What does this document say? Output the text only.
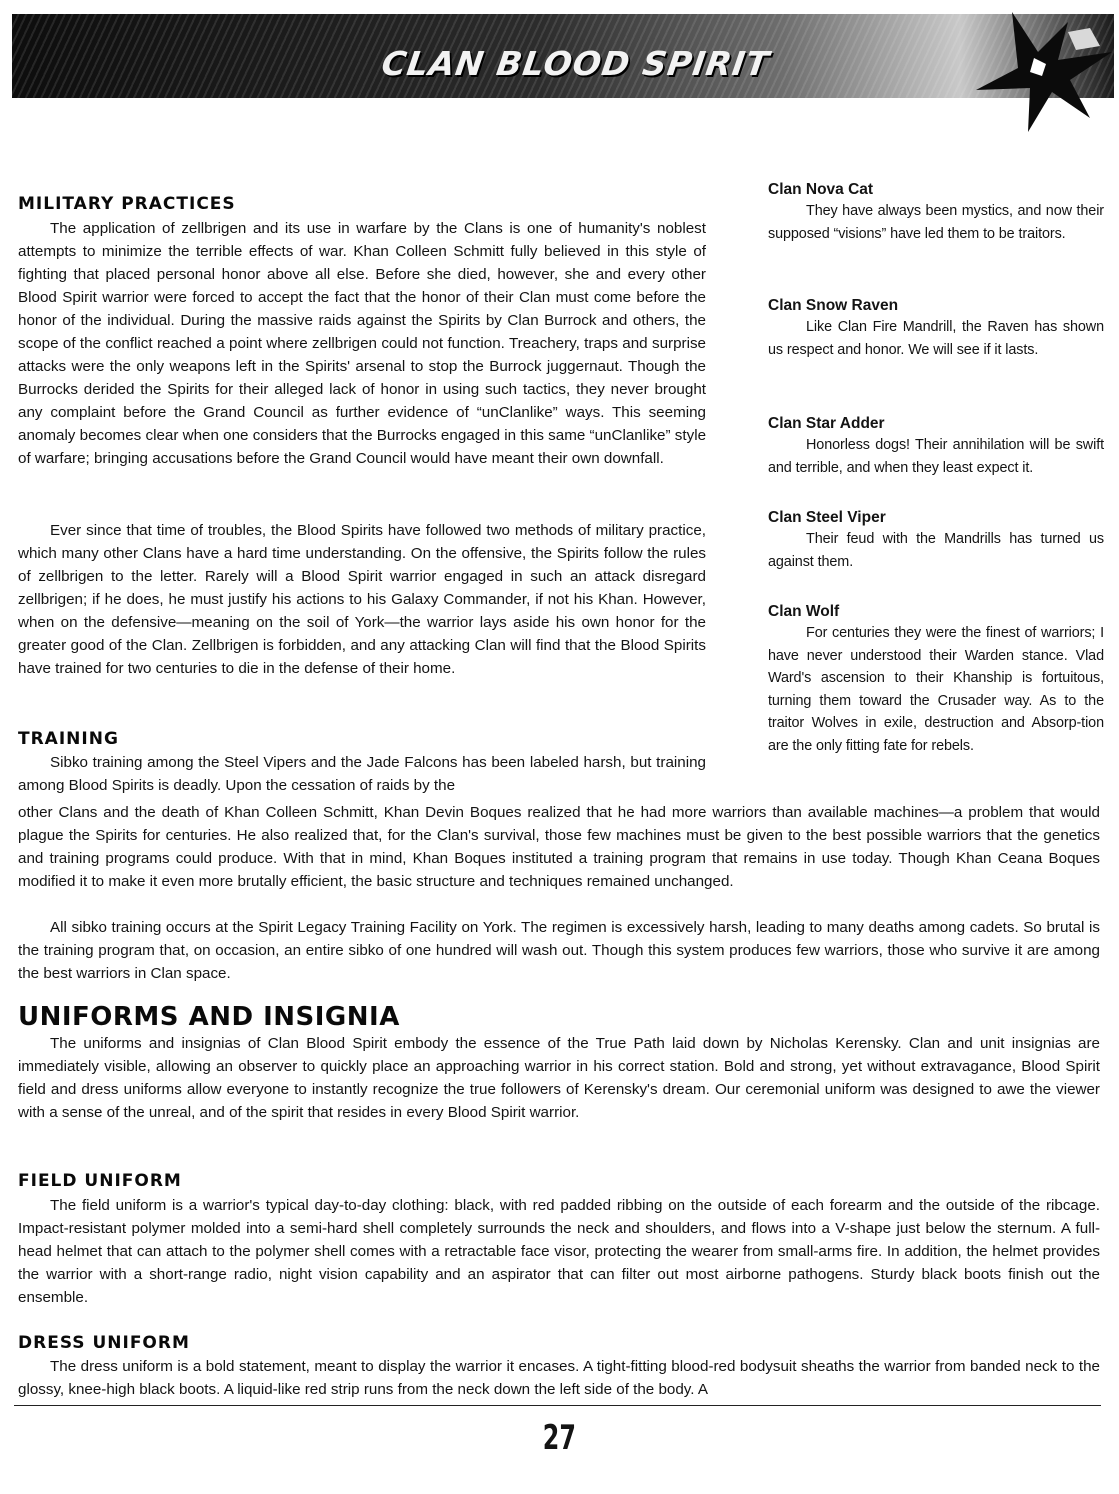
CLAN BLOOD SPIRIT
MILITARY PRACTICES

The application of zellbrigen and its use in warfare by the Clans is one of humanity's noblest attempts to minimize the terrible effects of war. Khan Colleen Schmitt fully believed in this style of fighting that placed personal honor above all else. Before she died, however, she and every other Blood Spirit warrior were forced to accept the fact that the honor of their Clan must come before the honor of the individual. During the massive raids against the Spirits by Clan Burrock and others, the scope of the conflict reached a point where zellbrigen could not function. Treachery, traps and surprise attacks were the only weapons left in the Spirits' arsenal to stop the Burrock juggernaut. Though the Burrocks derided the Spirits for their alleged lack of honor in using such tactics, they never brought any complaint before the Grand Council as further evidence of “unClanlike” ways. This seeming anomaly becomes clear when one considers that the Burrocks engaged in this same “unClanlike” style of warfare; bringing accusations before the Grand Council would have meant their own downfall.

Ever since that time of troubles, the Blood Spirits have followed two methods of military practice, which many other Clans have a hard time understanding. On the offensive, the Spirits follow the rules of zellbrigen to the letter. Rarely will a Blood Spirit warrior engaged in such an attack disregard zellbrigen; if he does, he must justify his actions to his Galaxy Commander, if not his Khan. However, when on the defensive—meaning on the soil of York—the warrior lays aside his own honor for the greater good of the Clan. Zellbrigen is forbidden, and any attacking Clan will find that the Blood Spirits have trained for two centuries to die in the defense of their home.

TRAINING

Sibko training among the Steel Vipers and the Jade Falcons has been labeled harsh, but training among Blood Spirits is deadly. Upon the cessation of raids by the

other Clans and the death of Khan Colleen Schmitt, Khan Devin Boques realized that he had more warriors than available machines—a problem that would plague the Spirits for centuries. He also realized that, for the Clan's survival, those few machines must be given to the best possible warriors that the genetics and training programs could produce. With that in mind, Khan Boques instituted a training program that remains in use today. Though Khan Ceana Boques modified it to make it even more brutally efficient, the basic structure and techniques remained unchanged.

All sibko training occurs at the Spirit Legacy Training Facility on York. The regimen is excessively harsh, leading to many deaths among cadets. So brutal is the training program that, on occasion, an entire sibko of one hundred will wash out. Though this system produces few warriors, those who survive it are among the best warriors in Clan space.

UNIFORMS AND INSIGNIA

The uniforms and insignias of Clan Blood Spirit embody the essence of the True Path laid down by Nicholas Kerensky. Clan and unit insignias are immediately visible, allowing an observer to quickly place an approaching warrior in his correct station. Bold and strong, yet without extravagance, Blood Spirit field and dress uniforms allow everyone to instantly recognize the true followers of Kerensky's dream. Our ceremonial uniform was designed to awe the viewer with a sense of the unreal, and of the spirit that resides in every Blood Spirit warrior.

FIELD UNIFORM

The field uniform is a warrior's typical day-to-day clothing: black, with red padded ribbing on the outside of each forearm and the outside of the ribcage. Impact-resistant polymer molded into a semi-hard shell completely surrounds the neck and shoulders, and flows into a V-shape just below the sternum. A full-head helmet that can attach to the polymer shell comes with a retractable face visor, protecting the wearer from small-arms fire. In addition, the helmet provides the warrior with a short-range radio, night vision capability and an aspirator that can filter out most airborne pathogens. Sturdy black boots finish out the ensemble.

DRESS UNIFORM

The dress uniform is a bold statement, meant to display the warrior it encases. A tight-fitting blood-red bodysuit sheaths the warrior from banded neck to the glossy, knee-high black boots. A liquid-like red strip runs from the neck down the left side of the body. A

Clan Nova Cat

They have always been mystics, and now their supposed “visions” have led them to be traitors.

Clan Snow Raven

Like Clan Fire Mandrill, the Raven has shown us respect and honor. We will see if it lasts.

Clan Star Adder

Honorless dogs! Their annihilation will be swift and terrible, and when they least expect it.

Clan Steel Viper

Their feud with the Mandrills has turned us against them.

Clan Wolf

For centuries they were the finest of warriors; I have never understood their Warden stance. Vlad Ward's ascension to their Khanship is fortuitous, turning them toward the Crusader way. As to the traitor Wolves in exile, destruction and Absorp-tion are the only fitting fate for rebels.

27
